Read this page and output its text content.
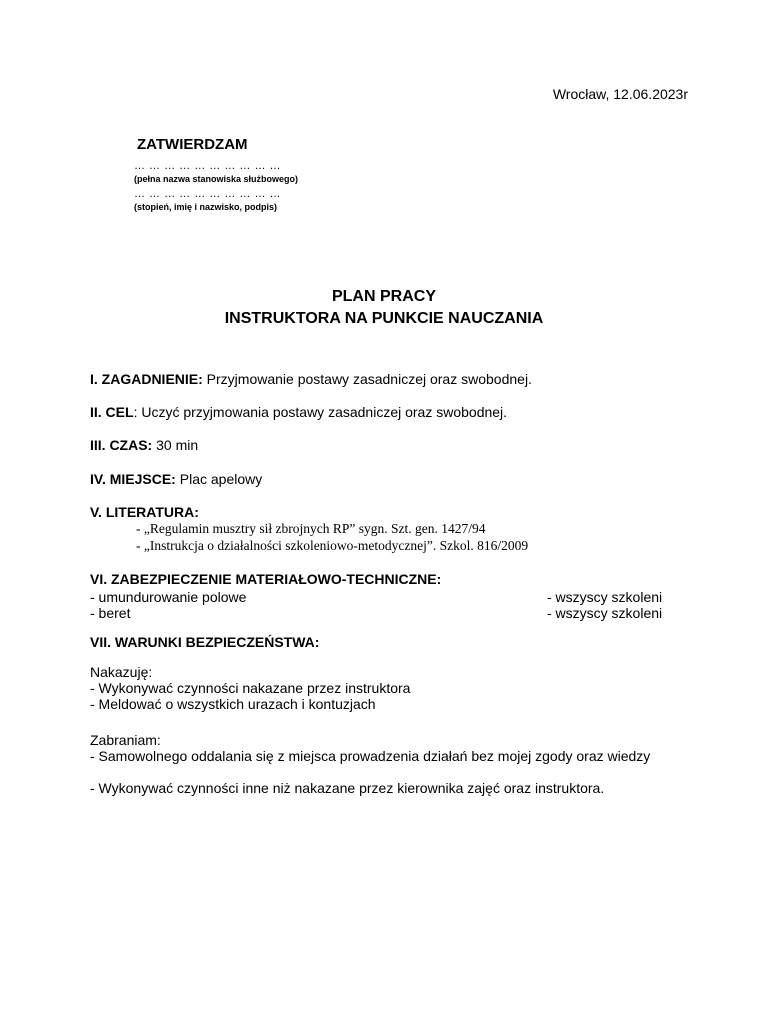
Wrocław, 12.06.2023r
ZATWIERDZAM
… … … … … … … … … …
(pełna nazwa stanowiska służbowego)
… … … … … … … … … …
(stopień, imię i nazwisko, podpis)
PLAN PRACY
INSTRUKTORA NA PUNKCIE NAUCZANIA
I. ZAGADNIENIE: Przyjmowanie postawy zasadniczej oraz swobodnej.
II. CEL: Uczyć przyjmowania postawy zasadniczej oraz swobodnej.
III. CZAS: 30 min
IV. MIEJSCE: Plac apelowy
V. LITERATURA:
- „Regulamin musztry sił zbrojnych RP” sygn. Szt. gen. 1427/94
- „Instrukcja o działalności szkoleniowo-metodycznej”. Szkol. 816/2009
VI. ZABEZPIECZENIE MATERIAŁOWO-TECHNICZNE:
- umundurowanie polowe	- wszyscy szkoleni
- beret	- wszyscy szkoleni
VII. WARUNKI BEZPIECZEŃSTWA:
Nakazuję:
- Wykonywać czynności nakazane przez instruktora
- Meldować o wszystkich urazach i kontuzjach
Zabraniam:
- Samowolnego oddalania się z miejsca prowadzenia działań bez mojej zgody oraz wiedzy
- Wykonywać czynności inne niż nakazane przez kierownika zajęć oraz instruktora.
